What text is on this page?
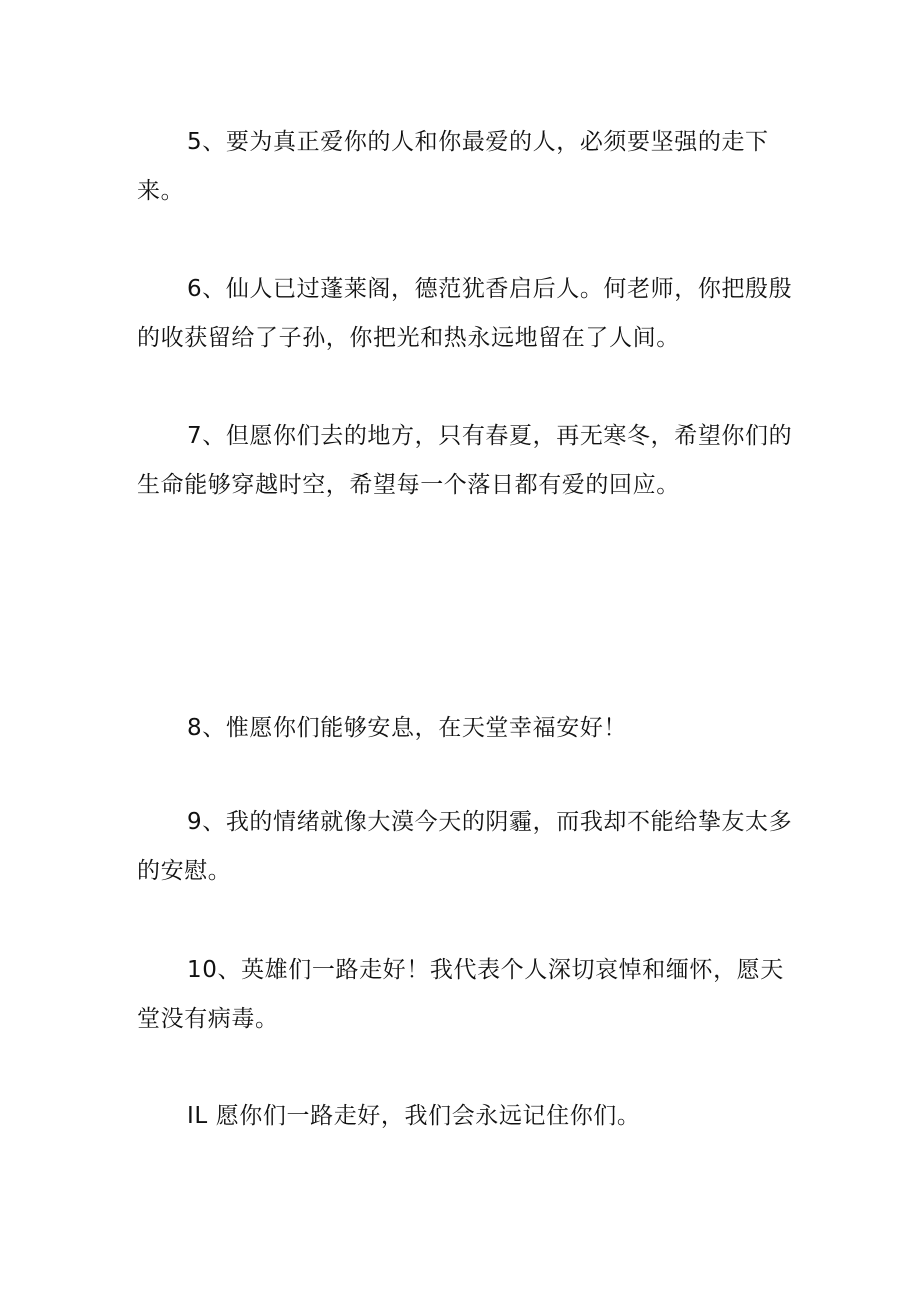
5、要为真正爱你的人和你最爱的人，必须要坚强的走下来。

6、仙人已过蓬莱阁，德范犹香启后人。何老师，你把殷殷的收获留给了子孙，你把光和热永远地留在了人间。

7、但愿你们去的地方，只有春夏，再无寒冬，希望你们的生命能够穿越时空，希望每一个落日都有爱的回应。

8、惟愿你们能够安息，在天堂幸福安好！

9、我的情绪就像大漠今天的阴霾，而我却不能给挚友太多的安慰。

10、英雄们一路走好！我代表个人深切哀悼和缅怀，愿天堂没有病毒。

IL 愿你们一路走好，我们会永远记住你们。
